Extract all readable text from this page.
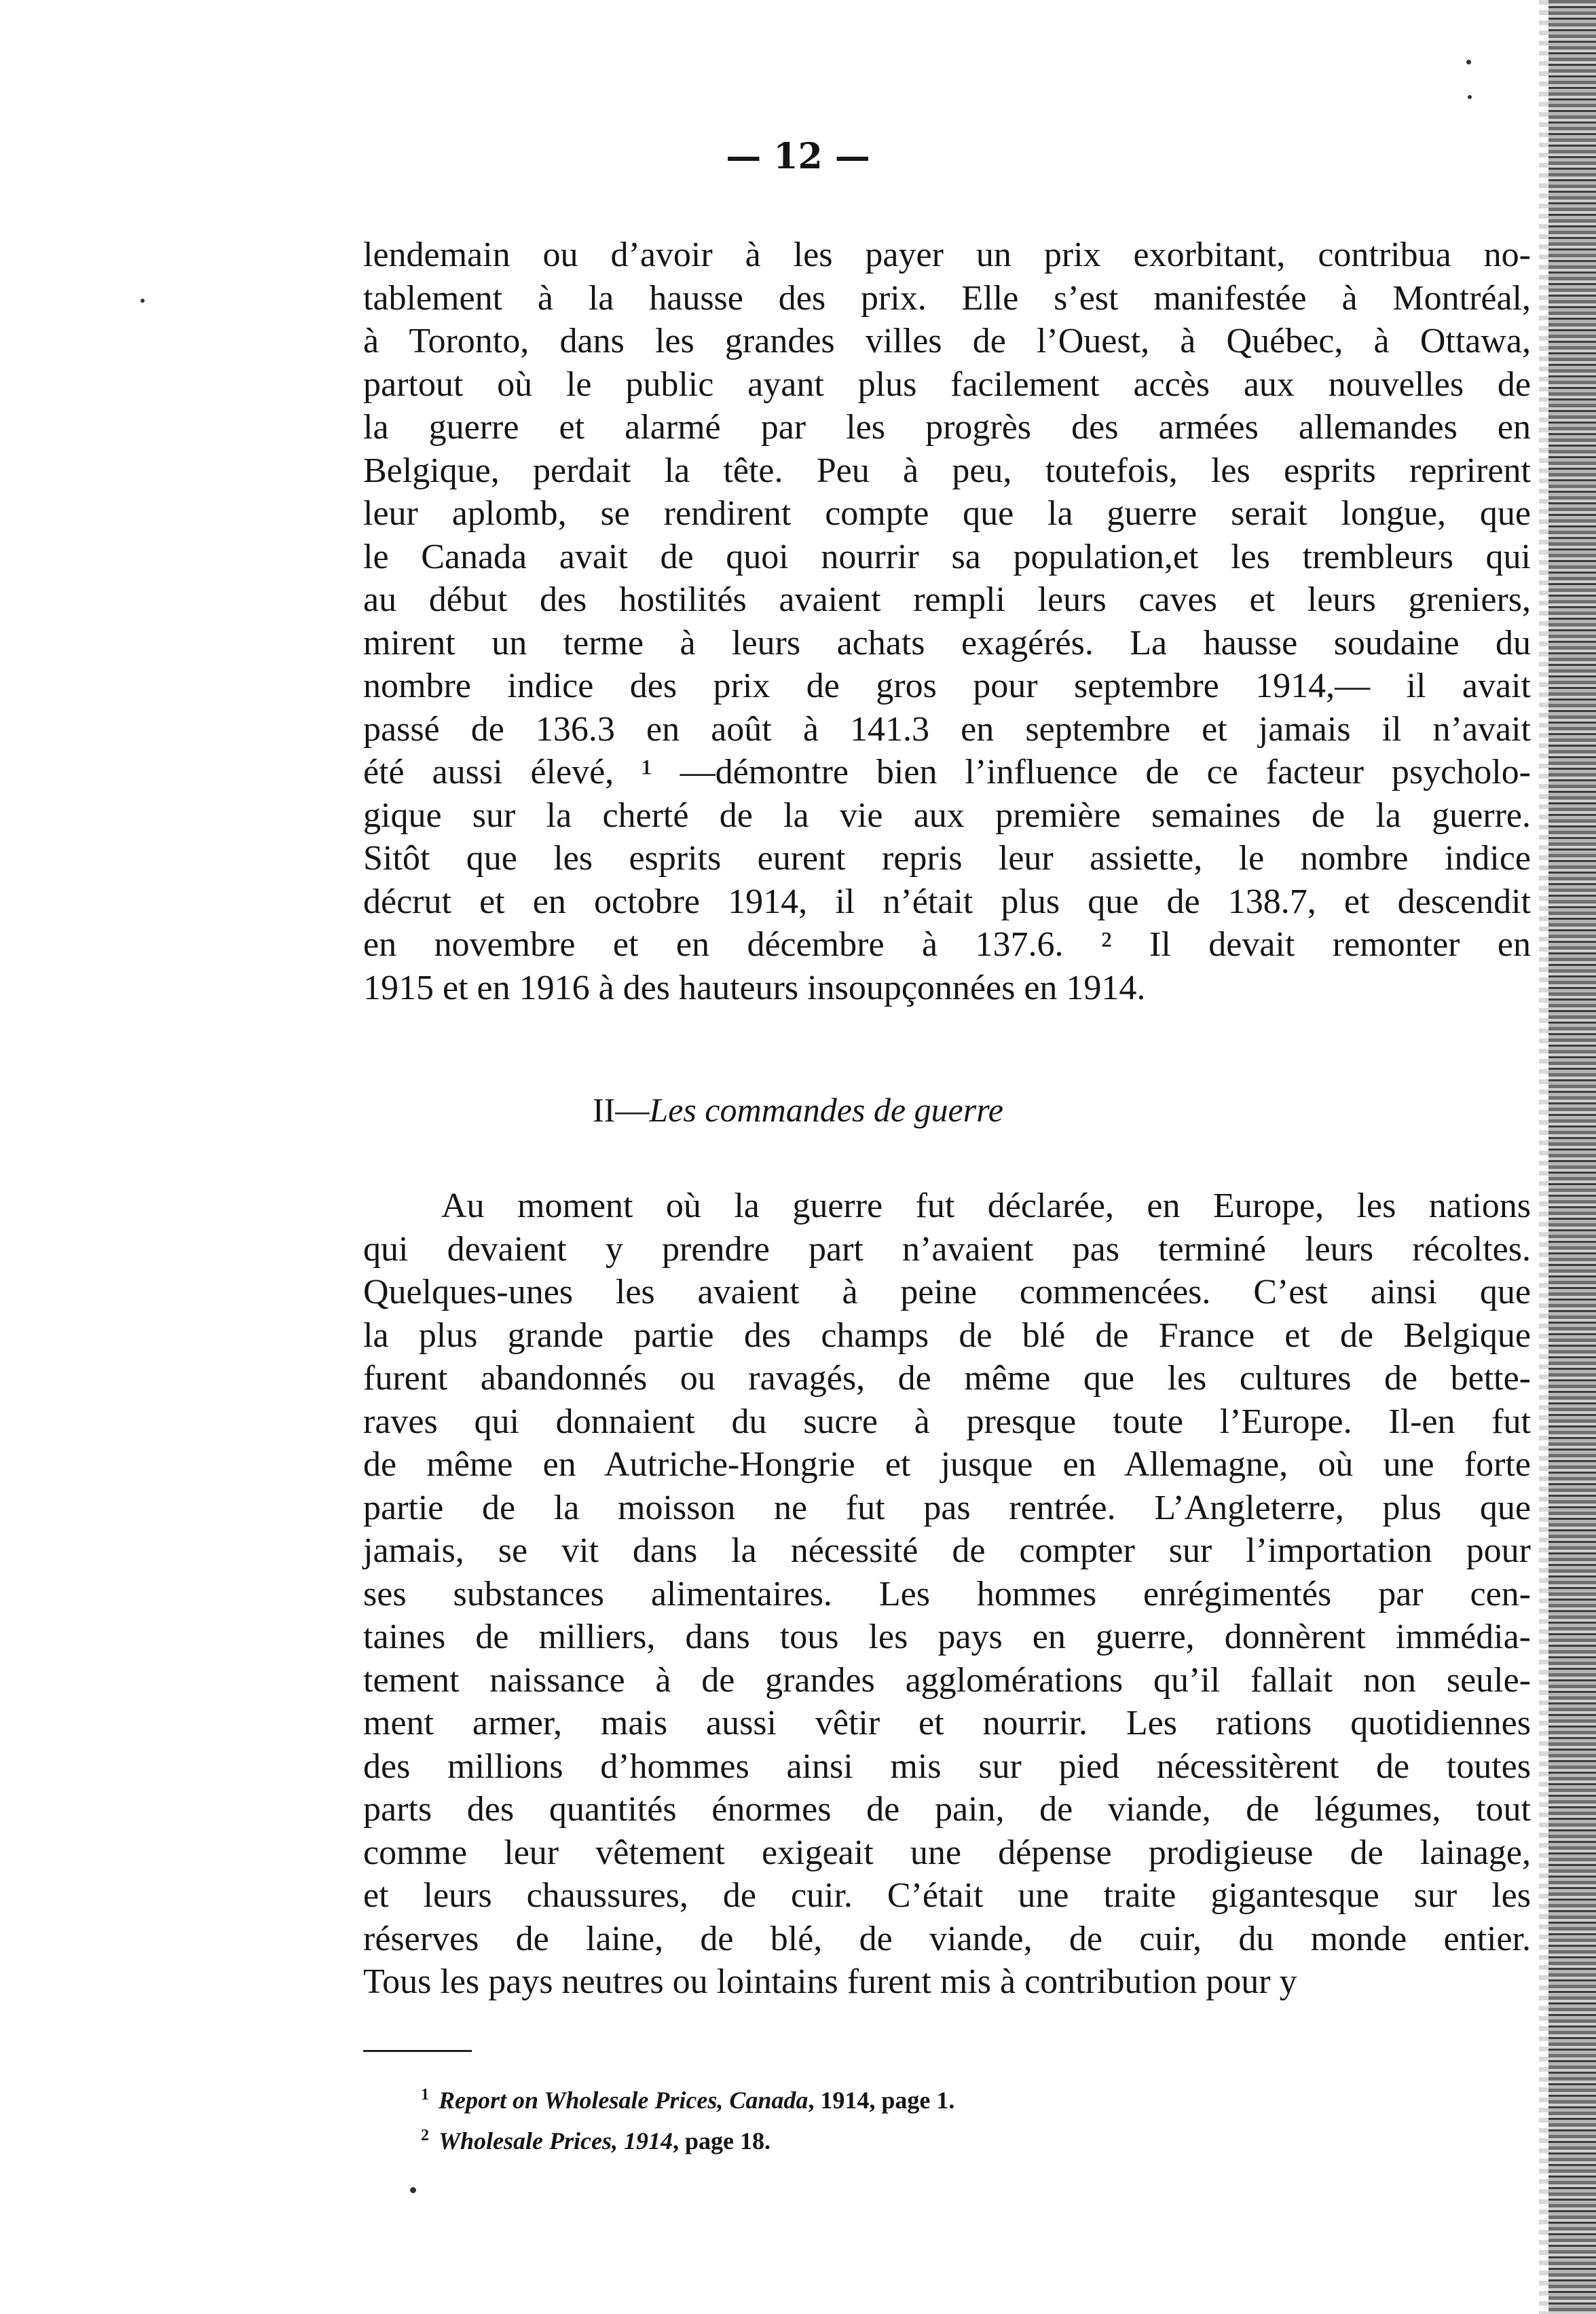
— 12 —
lendemain ou d’avoir à les payer un prix exorbitant, contribua no-
tablement à la hausse des prix. Elle s’est manifestée à Montréal,
à Toronto, dans les grandes villes de l’Ouest, à Québec, à Ottawa,
partout où le public ayant plus facilement accès aux nouvelles de
la guerre et alarmé par les progrès des armées allemandes en
Belgique, perdait la tête. Peu à peu, toutefois, les esprits reprirent
leur aplomb, se rendirent compte que la guerre serait longue, que
le Canada avait de quoi nourrir sa population,et les trembleurs qui
au début des hostilités avaient rempli leurs caves et leurs greniers,
mirent un terme à leurs achats exagérés. La hausse soudaine du
nombre indice des prix de gros pour septembre 1914,— il avait
passé de 136.3 en août à 141.3 en septembre et jamais il n’avait
été aussi élevé, ¹ —démontre bien l’influence de ce facteur psycholo-
gique sur la cherté de la vie aux première semaines de la guerre.
Sitôt que les esprits eurent repris leur assiette, le nombre indice
décrut et en octobre 1914, il n’était plus que de 138.7, et descendit
en novembre et en décembre à 137.6. ² Il devait remonter en
1915 et en 1916 à des hauteurs insoupçonnées en 1914.
II—Les commandes de guerre
Au moment où la guerre fut déclarée, en Europe, les nations
qui devaient y prendre part n’avaient pas terminé leurs récoltes.
Quelques-unes les avaient à peine commencées. C’est ainsi que
la plus grande partie des champs de blé de France et de Belgique
furent abandonnés ou ravagés, de même que les cultures de bette-
raves qui donnaient du sucre à presque toute l’Europe. Il-en fut
de même en Autriche-Hongrie et jusque en Allemagne, où une forte
partie de la moisson ne fut pas rentrée. L’Angleterre, plus que
jamais, se vit dans la nécessité de compter sur l’importation pour
ses substances alimentaires. Les hommes enrégimentés par cen-
taines de milliers, dans tous les pays en guerre, donnèrent immédia-
tement naissance à de grandes agglomérations qu’il fallait non seule-
ment armer, mais aussi vêtir et nourrir. Les rations quotidiennes
des millions d’hommes ainsi mis sur pied nécessitèrent de toutes
parts des quantités énormes de pain, de viande, de légumes, tout
comme leur vêtement exigeait une dépense prodigieuse de lainage,
et leurs chaussures, de cuir. C’était une traite gigantesque sur les
réserves de laine, de blé, de viande, de cuir, du monde entier.
Tous les pays neutres ou lointains furent mis à contribution pour y
$^1$ Report on Wholesale Prices, Canada, 1914, page 1.
$^2$ Wholesale Prices, 1914, page 18.
